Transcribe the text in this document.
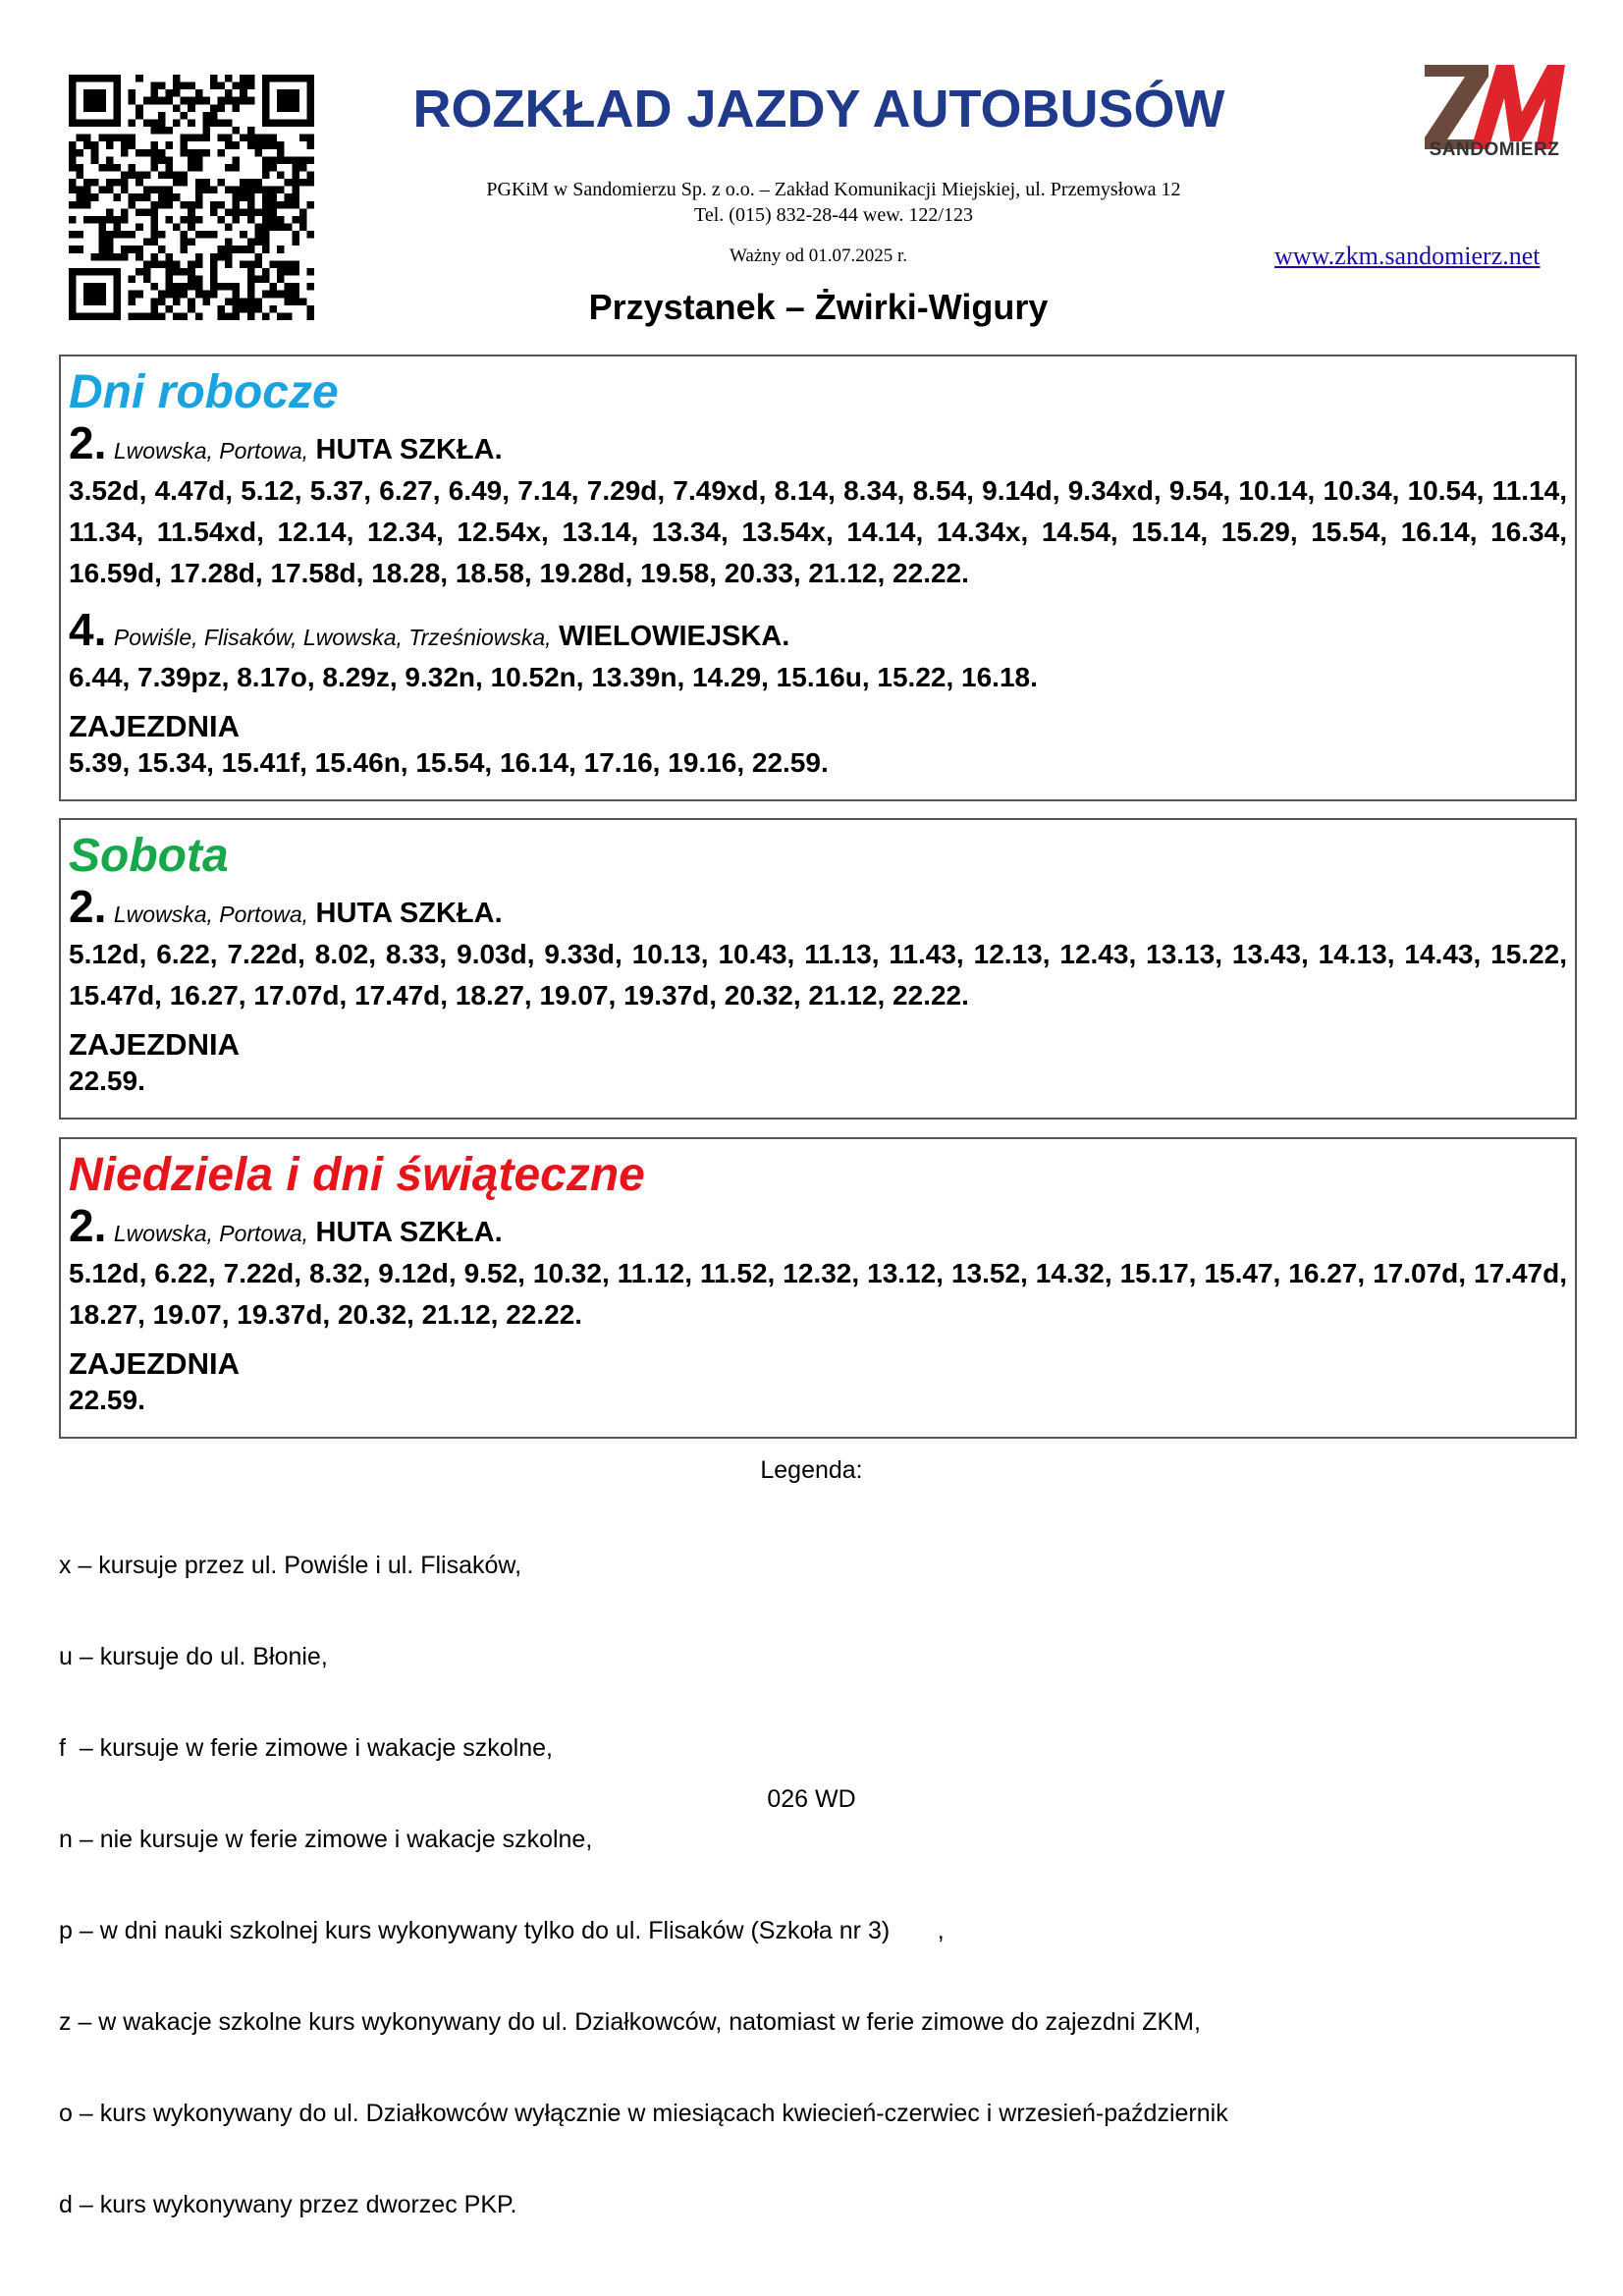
SANDOMIERZ
ROZKŁAD JAZDY AUTOBUSÓW
PGKiM w Sandomierzu Sp. z o.o. – Zakład Komunikacji Miejskiej, ul. Przemysłowa 12
Tel. (015) 832-28-44 wew. 122/123
Ważny od 01.07.2025 r.	www.zkm.sandomierz.net
Przystanek – Żwirki-Wigury
Dni robocze
2. Lwowska, Portowa, HUTA SZKŁA.
3.52d, 4.47d, 5.12, 5.37, 6.27, 6.49, 7.14, 7.29d, 7.49xd, 8.14, 8.34, 8.54, 9.14d, 9.34xd, 9.54, 10.14, 10.34, 10.54, 11.14, 11.34, 11.54xd, 12.14, 12.34, 12.54x, 13.14, 13.34, 13.54x, 14.14, 14.34x, 14.54, 15.14, 15.29, 15.54, 16.14, 16.34, 16.59d, 17.28d, 17.58d, 18.28, 18.58, 19.28d, 19.58, 20.33, 21.12, 22.22.
4. Powiśle, Flisaków, Lwowska, Trześniowska, WIELOWIEJSKA.
6.44, 7.39pz, 8.17o, 8.29z, 9.32n, 10.52n, 13.39n, 14.29, 15.16u, 15.22, 16.18.
ZAJEZDNIA
5.39, 15.34, 15.41f, 15.46n, 15.54, 16.14, 17.16, 19.16, 22.59.
Sobota
2. Lwowska, Portowa, HUTA SZKŁA.
5.12d, 6.22, 7.22d, 8.02, 8.33, 9.03d, 9.33d, 10.13, 10.43, 11.13, 11.43, 12.13, 12.43, 13.13, 13.43, 14.13, 14.43, 15.22, 15.47d, 16.27, 17.07d, 17.47d, 18.27, 19.07, 19.37d, 20.32, 21.12, 22.22.
ZAJEZDNIA
22.59.
Niedziela i dni świąteczne
2. Lwowska, Portowa, HUTA SZKŁA.
5.12d, 6.22, 7.22d, 8.32, 9.12d, 9.52, 10.32, 11.12, 11.52, 12.32, 13.12, 13.52, 14.32, 15.17, 15.47, 16.27, 17.07d, 17.47d, 18.27, 19.07, 19.37d, 20.32, 21.12, 22.22.
ZAJEZDNIA
22.59.
Legenda:

x – kursuje przez ul. Powiśle i ul. Flisaków,

u – kursuje do ul. Błonie,

f  – kursuje w ferie zimowe i wakacje szkolne,

n – nie kursuje w ferie zimowe i wakacje szkolne,

p – w dni nauki szkolnej kurs wykonywany tylko do ul. Flisaków (Szkoła nr 3)       ,

z – w wakacje szkolne kurs wykonywany do ul. Działkowców, natomiast w ferie zimowe do zajezdni ZKM,

o – kurs wykonywany do ul. Działkowców wyłącznie w miesiącach kwiecień-czerwiec i wrzesień-październik

d – kurs wykonywany przez dworzec PKP.

026 WD
